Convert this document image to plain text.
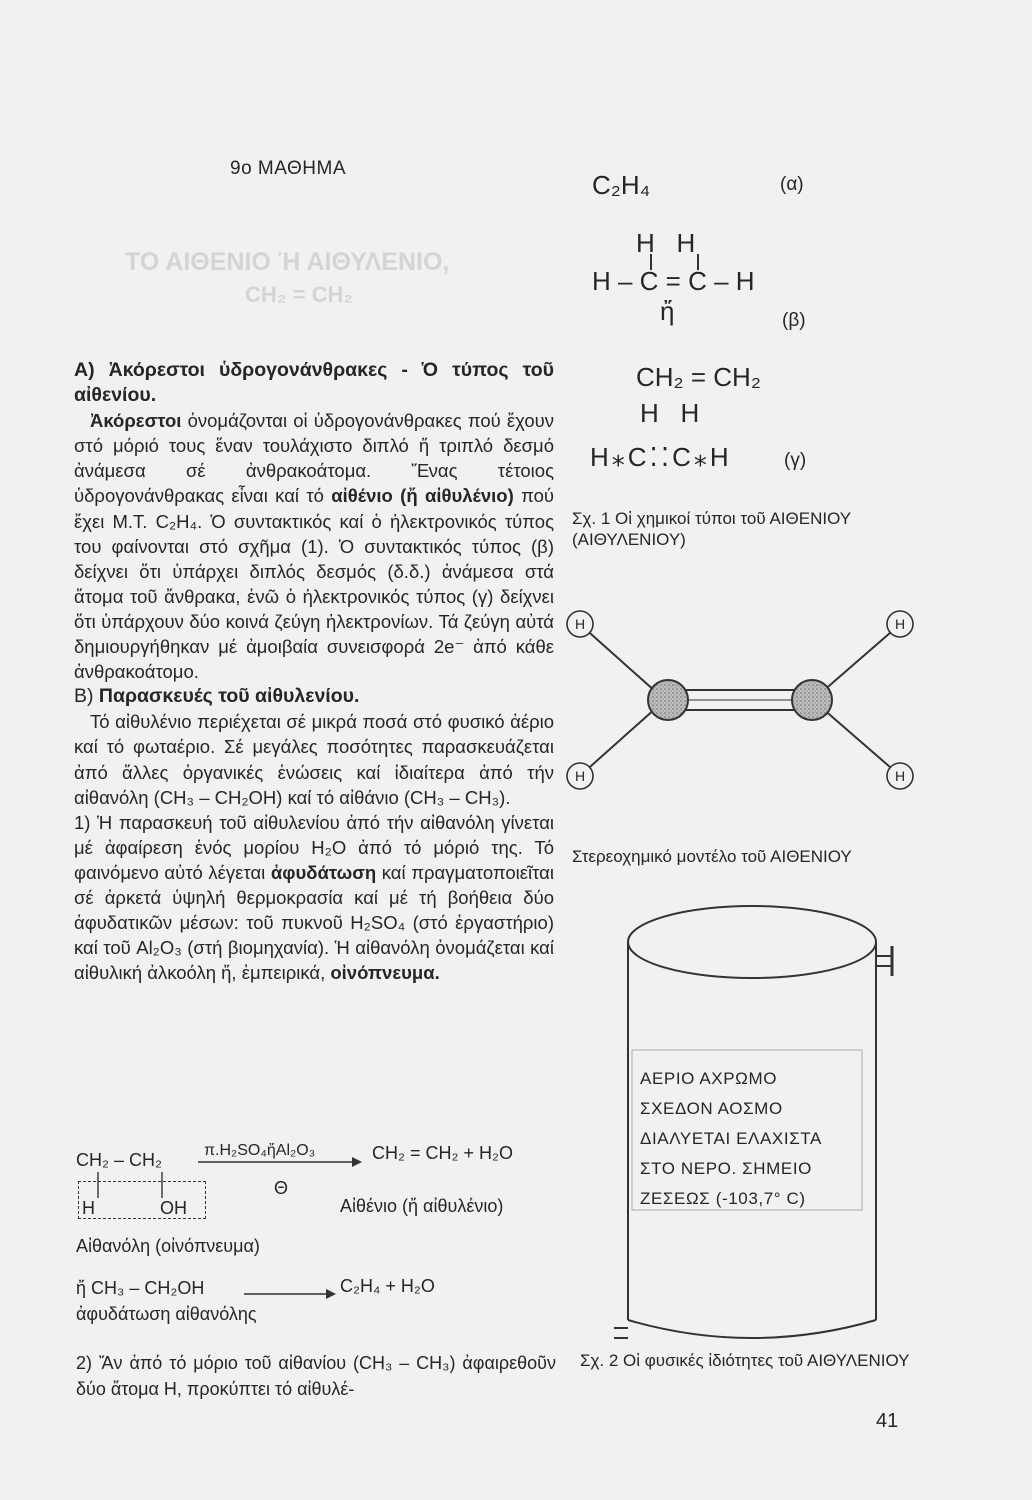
ΤΟ ΑΙΘΕΝΙΟ Ή ΑΙΘΥΛΕΝΙΟ,
CH₂ = CH₂
9ο ΜΑΘΗΜΑ

Α) Ἀκόρεστοι ὑδρογονάνθρακες - Ὁ τύπος τοῦ αἰθενίου.

Ἀκόρεστοι ὀνομάζονται οἱ ὑδρογονάνθρακες πού ἔχουν στό μόριό τους ἕναν τουλάχιστο διπλό ἤ τριπλό δεσμό ἀνάμεσα σέ ἀνθρακοάτομα. Ἕνας τέτοιος ὑδρογονάνθρακας εἶναι καί τό αἰθένιο (ἤ αἰθυλένιο) πού ἔχει Μ.Τ. C₂H₄. Ὁ συντακτικός καί ὁ ἠλεκτρονικός τύπος του φαίνονται στό σχῆμα (1). Ὁ συντακτικός τύπος (β) δείχνει ὅτι ὑπάρχει διπλός δεσμός (δ.δ.) ἀνάμεσα στά ἄτομα τοῦ ἄνθρακα, ἐνῶ ὁ ἠλεκτρονικός τύπος (γ) δείχνει ὅτι ὑπάρχουν δύο κοινά ζεύγη ἠλεκτρονίων. Τά ζεύγη αὐτά δημιουργήθηκαν μέ ἀμοιβαία συνεισφορά 2e⁻ ἀπό κάθε ἀνθρακοάτομο.

Β) Παρασκευές τοῦ αἰθυλενίου.

Τό αἰθυλένιο περιέχεται σέ μικρά ποσά στό φυσικό ἀέριο καί τό φωταέριο. Σέ μεγάλες ποσότητες παρασκευάζεται ἀπό ἄλλες ὀργανικές ἑνώσεις καί ἰδιαίτερα ἀπό τήν αἰθανόλη (CH₃ – CH₂OH) καί τό αἰθάνιο (CH₃ – CH₃).

1) Ἡ παρασκευή τοῦ αἰθυλενίου ἀπό τήν αἰθανόλη γίνεται μέ ἀφαίρεση ἑνός μορίου H₂O ἀπό τό μόριό της. Τό φαινόμενο αὐτό λέγεται ἀφυδάτωση καί πραγματοποιεῖται σέ ἀρκετά ὑψηλή θερμοκρασία καί μέ τή βοήθεια δύο ἀφυδατικῶν μέσων: τοῦ πυκνοῦ H₂SO₄ (στό ἐργαστήριο) καί τοῦ Al₂O₃ (στή βιομηχανία). Ἡ αἰθανόλη ὀνομάζεται καί αἰθυλική ἀλκοόλη ἤ, ἐμπειρικά, οἰνόπνευμα.

CH₂ – CH₂	π.H₂SO₄ἤAl₂O₃
Θ
CH₂ = CH₂ + H₂O
H	OH	Αἰθένιο (ἤ αἰθυλένιο)
Αἰθανόλη (οἰνόπνευμα)
ἤ CH₃ – CH₂OH	C₂H₄ + H₂O
ἀφυδάτωση αἰθανόλης
2) Ἄν ἀπό τό μόριο τοῦ αἰθανίου (CH₃ – CH₃) ἀφαιρεθοῦν δύο ἄτομα Η, προκύπτει τό αἰθυλέ-
C₂H₄	(α)
H   H
H – C = C – H
ἤ	(β)
CH₂ = CH₂
H   H
H⁎C⁚⁚C⁎H	(γ)
Σχ. 1 Οἱ χημικοί τύποι τοῦ ΑΙΘΕΝΙΟΥ (ΑΙΘΥΛΕΝΙΟΥ)
H
H
H
H
Στερεοχημικό μοντέλο τοῦ ΑΙΘΕΝΙΟΥ
ΑΕΡΙΟ ΑΧΡΩΜΟ
ΣΧΕΔΟΝ ΑΟΣΜΟ
ΔΙΑΛΥΕΤΑΙ ΕΛΑΧΙΣΤΑ
ΣΤΟ ΝΕΡΟ. ΣΗΜΕΙΟ
ΖΕΣΕΩΣ (-103,7° C)
Σχ. 2 Οἱ φυσικές ἰδιότητες τοῦ ΑΙΘΥΛΕΝΙΟΥ
41
